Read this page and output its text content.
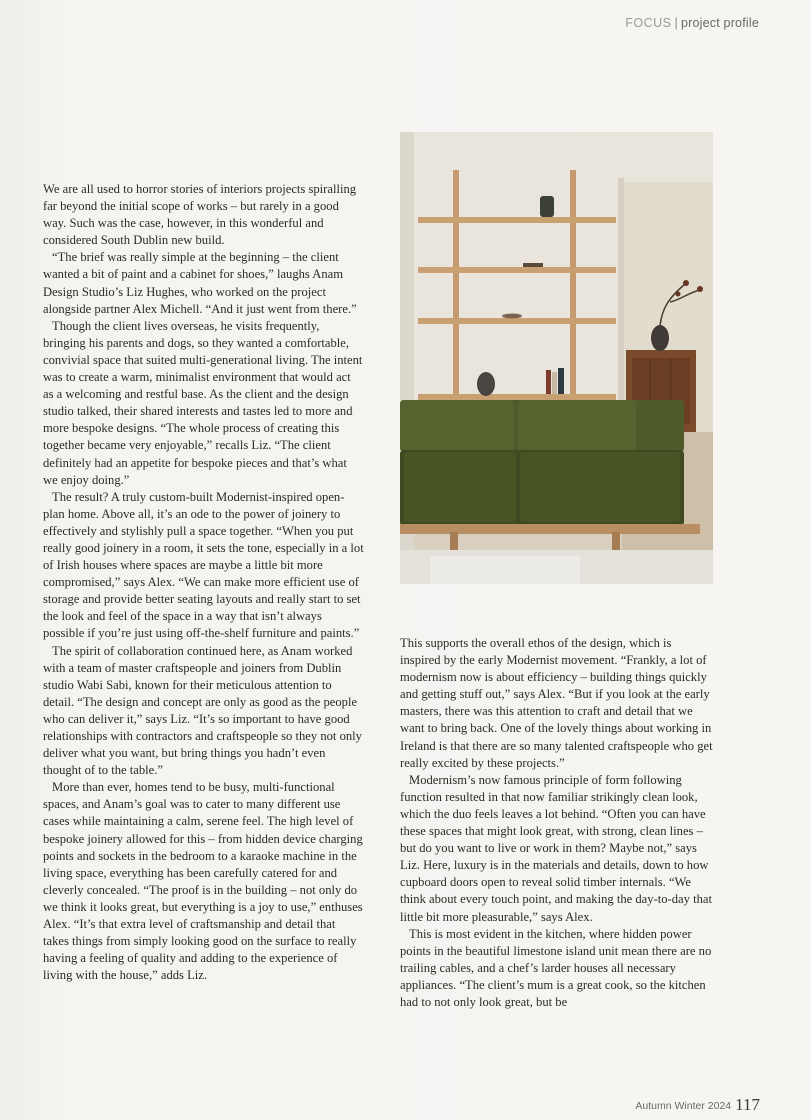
FOCUS | project profile

We are all used to horror stories of interiors projects spiralling far beyond the initial scope of works – but rarely in a good way. Such was the case, however, in this wonderful and considered South Dublin new build.

“The brief was really simple at the beginning – the client wanted a bit of paint and a cabinet for shoes,” laughs Anam Design Studio’s Liz Hughes, who worked on the project alongside partner Alex Michell. “And it just went from there.”

Though the client lives overseas, he visits frequently, bringing his parents and dogs, so they wanted a comfortable, convivial space that suited multi-generational living. The intent was to create a warm, minimalist environment that would act as a welcoming and restful base. As the client and the design studio talked, their shared interests and tastes led to more and more bespoke designs. “The whole process of creating this together became very enjoyable,” recalls Liz. “The client definitely had an appetite for bespoke pieces and that’s what we enjoy doing.”

The result? A truly custom-built Modernist-inspired open-plan home. Above all, it’s an ode to the power of joinery to effectively and stylishly pull a space together. “When you put really good joinery in a room, it sets the tone, especially in a lot of Irish houses where spaces are maybe a little bit more compromised,” says Alex. “We can make more efficient use of storage and provide better seating layouts and really start to set the look and feel of the space in a way that isn’t always possible if you’re just using off-the-shelf furniture and paints.”

The spirit of collaboration continued here, as Anam worked with a team of master craftspeople and joiners from Dublin studio Wabi Sabi, known for their meticulous attention to detail. “The design and concept are only as good as the people who can deliver it,” says Liz. “It’s so important to have good relationships with contractors and craftspeople so they not only deliver what you want, but bring things you hadn’t even thought of to the table.”

More than ever, homes tend to be busy, multi-functional spaces, and Anam’s goal was to cater to many different use cases while maintaining a calm, serene feel. The high level of bespoke joinery allowed for this – from hidden device charging points and sockets in the bedroom to a karaoke machine in the living space, everything has been carefully catered for and cleverly concealed. “The proof is in the building – not only do we think it looks great, but everything is a joy to use,” enthuses Alex. “It’s that extra level of craftsmanship and detail that takes things from simply looking good on the surface to really having a feeling of quality and adding to the experience of living with the house,” adds Liz.

This supports the overall ethos of the design, which is inspired by the early Modernist movement. “Frankly, a lot of modernism now is about efficiency – building things quickly and getting stuff out,” says Alex. “But if you look at the early masters, there was this attention to craft and detail that we want to bring back. One of the lovely things about working in Ireland is that there are so many talented craftspeople who get really excited by these projects.”

Modernism’s now famous principle of form following function resulted in that now familiar strikingly clean look, which the duo feels leaves a lot behind. “Often you can have these spaces that might look great, with strong, clean lines – but do you want to live or work in them? Maybe not,” says Liz. Here, luxury is in the materials and details, down to how cupboard doors open to reveal solid timber internals. “We think about every touch point, and making the day-to-day that little bit more pleasurable,” says Alex.

This is most evident in the kitchen, where hidden power points in the beautiful limestone island unit mean there are no trailing cables, and a chef’s larder houses all necessary appliances. “The client’s mum is a great cook, so the kitchen had to not only look great, but be

Autumn Winter 2024 117
